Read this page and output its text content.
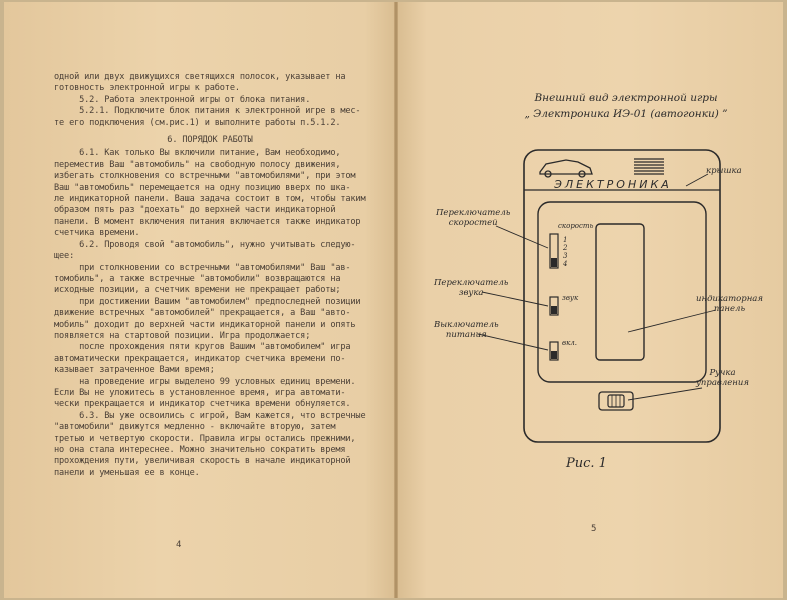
одной или двух движущихся светящихся полосок, указывает на

готовность электронной игры к работе.

5.2. Работа электронной игры от блока питания.

5.2.1. Подключите блок питания к электронной игре в мес-

те его подключения (см.рис.1) и выполните работы п.5.1.2.

6. ПОРЯДОК РАБОТЫ

6.1. Как только Вы включили питание, Вам необходимо,

переместив Ваш "автомобиль" на свободную полосу движения,

избегать столкновения со встречными "автомобилями", при этом

Ваш "автомобиль" перемещается на одну позицию вверх по шка-

ле индикаторной панели. Ваша задача состоит в том, чтобы таким

образом пять раз "доехать" до верхней части индикаторной

панели. В момент включения питания включается также индикатор

счетчика времени.

6.2. Проводя свой "автомобиль", нужно учитывать следую-

щее:

при столкновении со встречными "автомобилями" Ваш "ав-

томобиль", а также встречные "автомобили" возвращаются на

исходные позиции, а счетчик времени не прекращает работы;

при достижении Вашим "автомобилем" предпоследней позиции

движение встречных "автомобилей" прекращается, а Ваш "авто-

мобиль" доходит до верхней части индикаторной панели и опять

появляется на стартовой позиции. Игра продолжается;

после прохождения пяти кругов Вашим "автомобилем" игра

автоматически прекращается, индикатор счетчика времени по-

казывает затраченное Вами время;

на проведение игры выделено 99 условных единиц времени.

Если Вы не уложитесь в установленное время, игра автомати-

чески прекращается и индикатор счетчика времени обнуляется.

6.3. Вы уже освоились с игрой, Вам кажется, что встречные

"автомобили" движутся медленно - включайте вторую, затем

третью и четвертую скорости. Правила игры остались прежними,

но она стала интереснее. Можно значительно сократить время

прохождения пути, увеличивая скорость в начале индикаторной

панели и уменьшая ее в конце.

4
Внешний вид электронной игры
„ Электроника ИЭ-01 (автогонки) ”
ЭЛЕКТРОНИКА
крышка
Переключатель
скоростей	скорость
1
2
3
4
Переключатель
звука	звук
Выключатель
питания
вкл.
индикаторная
панель
Ручка
управления
Рис. 1
5
